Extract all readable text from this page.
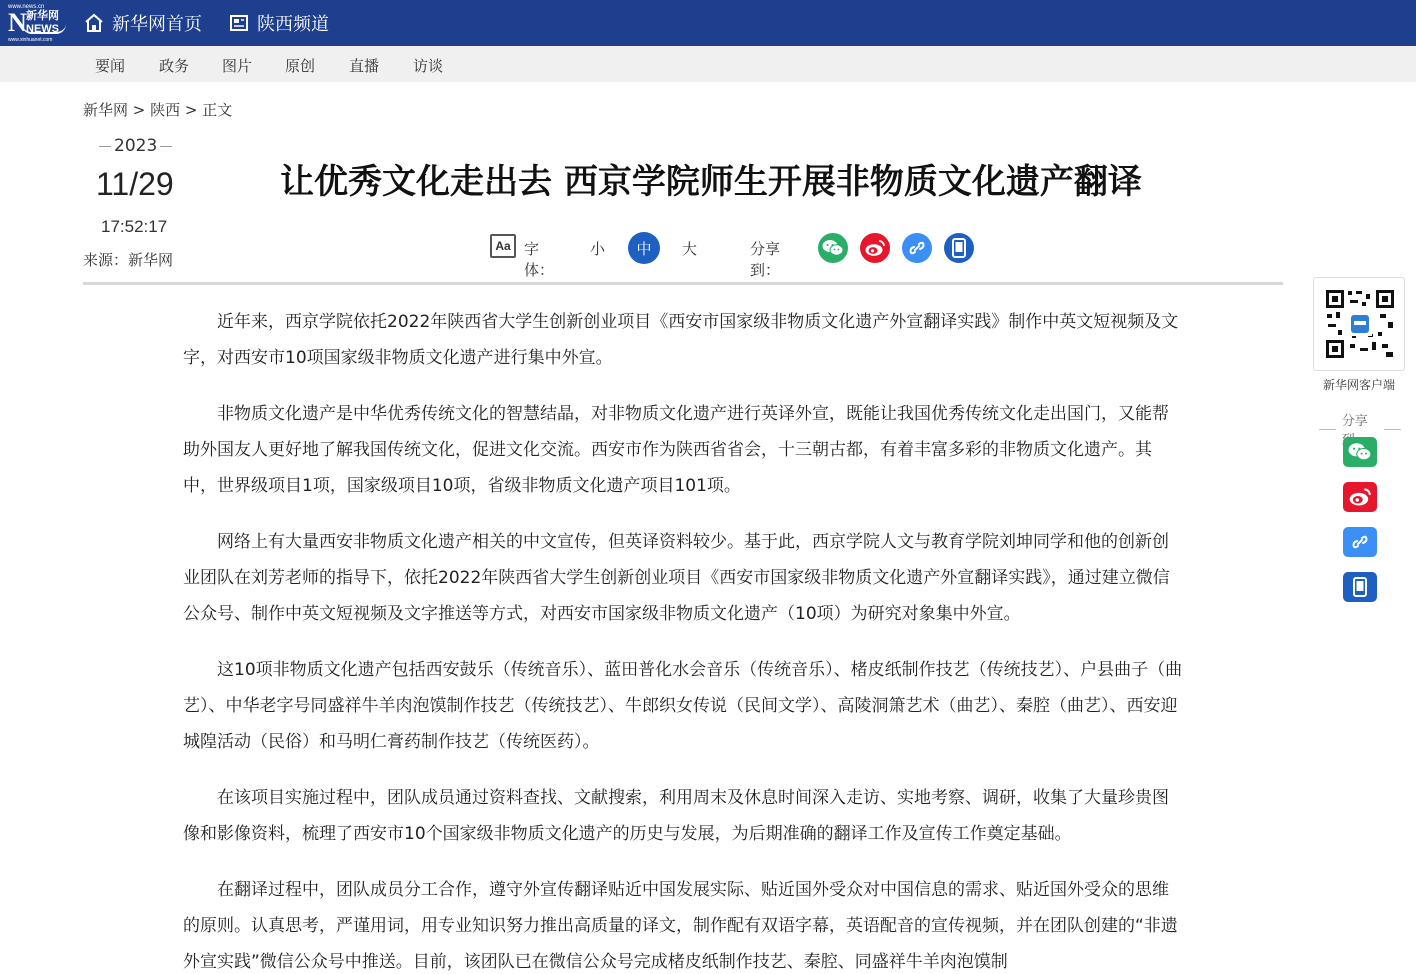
www.news.cn
N 新华网
NEWS
www.xinhuanet.com
新华网首页	陕西频道
要闻 政务 图片 原创 直播 访谈
新华网 > 陕西 > 正文
2023
11/29
17:52:17
来源：新华网
让优秀文化走出去 西京学院师生开展非物质文化遗产翻译
Aa 字体：
小	中	大	分享到：

近年来，西京学院依托2022年陕西省大学生创新创业项目《西安市国家级非物质文化遗产外宣翻译实践》制作中英文短视频及文字，对西安市10项国家级非物质文化遗产进行集中外宣。

非物质文化遗产是中华优秀传统文化的智慧结晶，对非物质文化遗产进行英译外宣，既能让我国优秀传统文化走出国门，又能帮助外国友人更好地了解我国传统文化，促进文化交流。西安市作为陕西省省会，十三朝古都，有着丰富多彩的非物质文化遗产。其中，世界级项目1项，国家级项目10项，省级非物质文化遗产项目101项。

网络上有大量西安非物质文化遗产相关的中文宣传，但英译资料较少。基于此，西京学院人文与教育学院刘坤同学和他的创新创业团队在刘芳老师的指导下，依托2022年陕西省大学生创新创业项目《西安市国家级非物质文化遗产外宣翻译实践》，通过建立微信公众号、制作中英文短视频及文字推送等方式，对西安市国家级非物质文化遗产（10项）为研究对象集中外宣。

这10项非物质文化遗产包括西安鼓乐（传统音乐）、蓝田普化水会音乐（传统音乐）、楮皮纸制作技艺（传统技艺）、户县曲子（曲艺）、中华老字号同盛祥牛羊肉泡馍制作技艺（传统技艺）、牛郎织女传说（民间文学）、高陵洞箫艺术（曲艺）、秦腔（曲艺）、西安迎城隍活动（民俗）和马明仁膏药制作技艺（传统医药）。

在该项目实施过程中，团队成员通过资料查找、文献搜索，利用周末及休息时间深入走访、实地考察、调研，收集了大量珍贵图像和影像资料，梳理了西安市10个国家级非物质文化遗产的历史与发展，为后期准确的翻译工作及宣传工作奠定基础。

在翻译过程中，团队成员分工合作，遵守外宣传翻译贴近中国发展实际、贴近国外受众对中国信息的需求、贴近国外受众的思维的原则。认真思考，严谨用词，用专业知识努力推出高质量的译文，制作配有双语字幕，英语配音的宣传视频，并在团队创建的“非遗外宣实践”微信公众号中推送。目前，该团队已在微信公众号完成楮皮纸制作技艺、秦腔、同盛祥牛羊肉泡馍制

新华网客户端
分享
